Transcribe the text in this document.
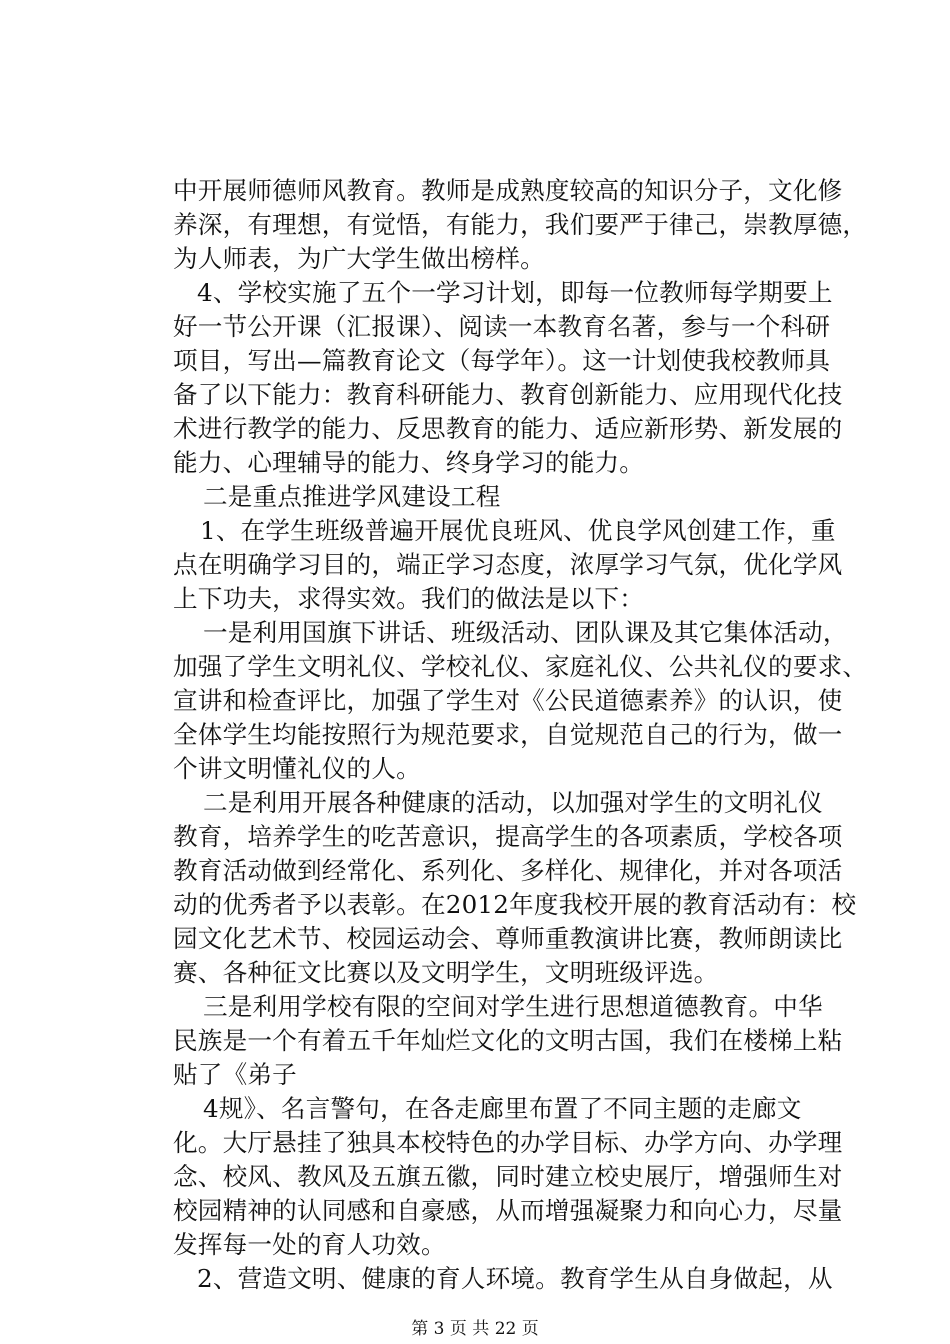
中开展师德师风教育。教师是成熟度较高的知识分子，文化修
养深，有理想，有觉悟，有能力，我们要严于律己，崇教厚德，
为人师表，为广大学生做出榜样。
4、学校实施了五个一学习计划，即每一位教师每学期要上
好一节公开课（汇报课）、阅读一本教育名著，参与一个科研
项目，写出—篇教育论文（每学年）。这一计划使我校教师具
备了以下能力：教育科研能力、教育创新能力、应用现代化技
术进行教学的能力、反思教育的能力、适应新形势、新发展的
能力、心理辅导的能力、终身学习的能力。
二是重点推进学风建设工程
1、在学生班级普遍开展优良班风、优良学风创建工作，重
点在明确学习目的，端正学习态度，浓厚学习气氛，优化学风
上下功夫，求得实效。我们的做法是以下：
一是利用国旗下讲话、班级活动、团队课及其它集体活动，
加强了学生文明礼仪、学校礼仪、家庭礼仪、公共礼仪的要求、
宣讲和检查评比，加强了学生对《公民道德素养》的认识，使
全体学生均能按照行为规范要求，自觉规范自己的行为，做一
个讲文明懂礼仪的人。
二是利用开展各种健康的活动，以加强对学生的文明礼仪
教育，培养学生的吃苦意识，提高学生的各项素质，学校各项
教育活动做到经常化、系列化、多样化、规律化，并对各项活
动的优秀者予以表彰。在2012年度我校开展的教育活动有：校
园文化艺术节、校园运动会、尊师重教演讲比赛，教师朗读比
赛、各种征文比赛以及文明学生，文明班级评选。
三是利用学校有限的空间对学生进行思想道德教育。中华
民族是一个有着五千年灿烂文化的文明古国，我们在楼梯上粘
贴了《弟子
4规》、名言警句，在各走廊里布置了不同主题的走廊文
化。大厅悬挂了独具本校特色的办学目标、办学方向、办学理
念、校风、教风及五旗五徽，同时建立校史展厅，增强师生对
校园精神的认同感和自豪感，从而增强凝聚力和向心力，尽量
发挥每一处的育人功效。
2、营造文明、健康的育人环境。教育学生从自身做起，从
第 3 页 共 22 页
